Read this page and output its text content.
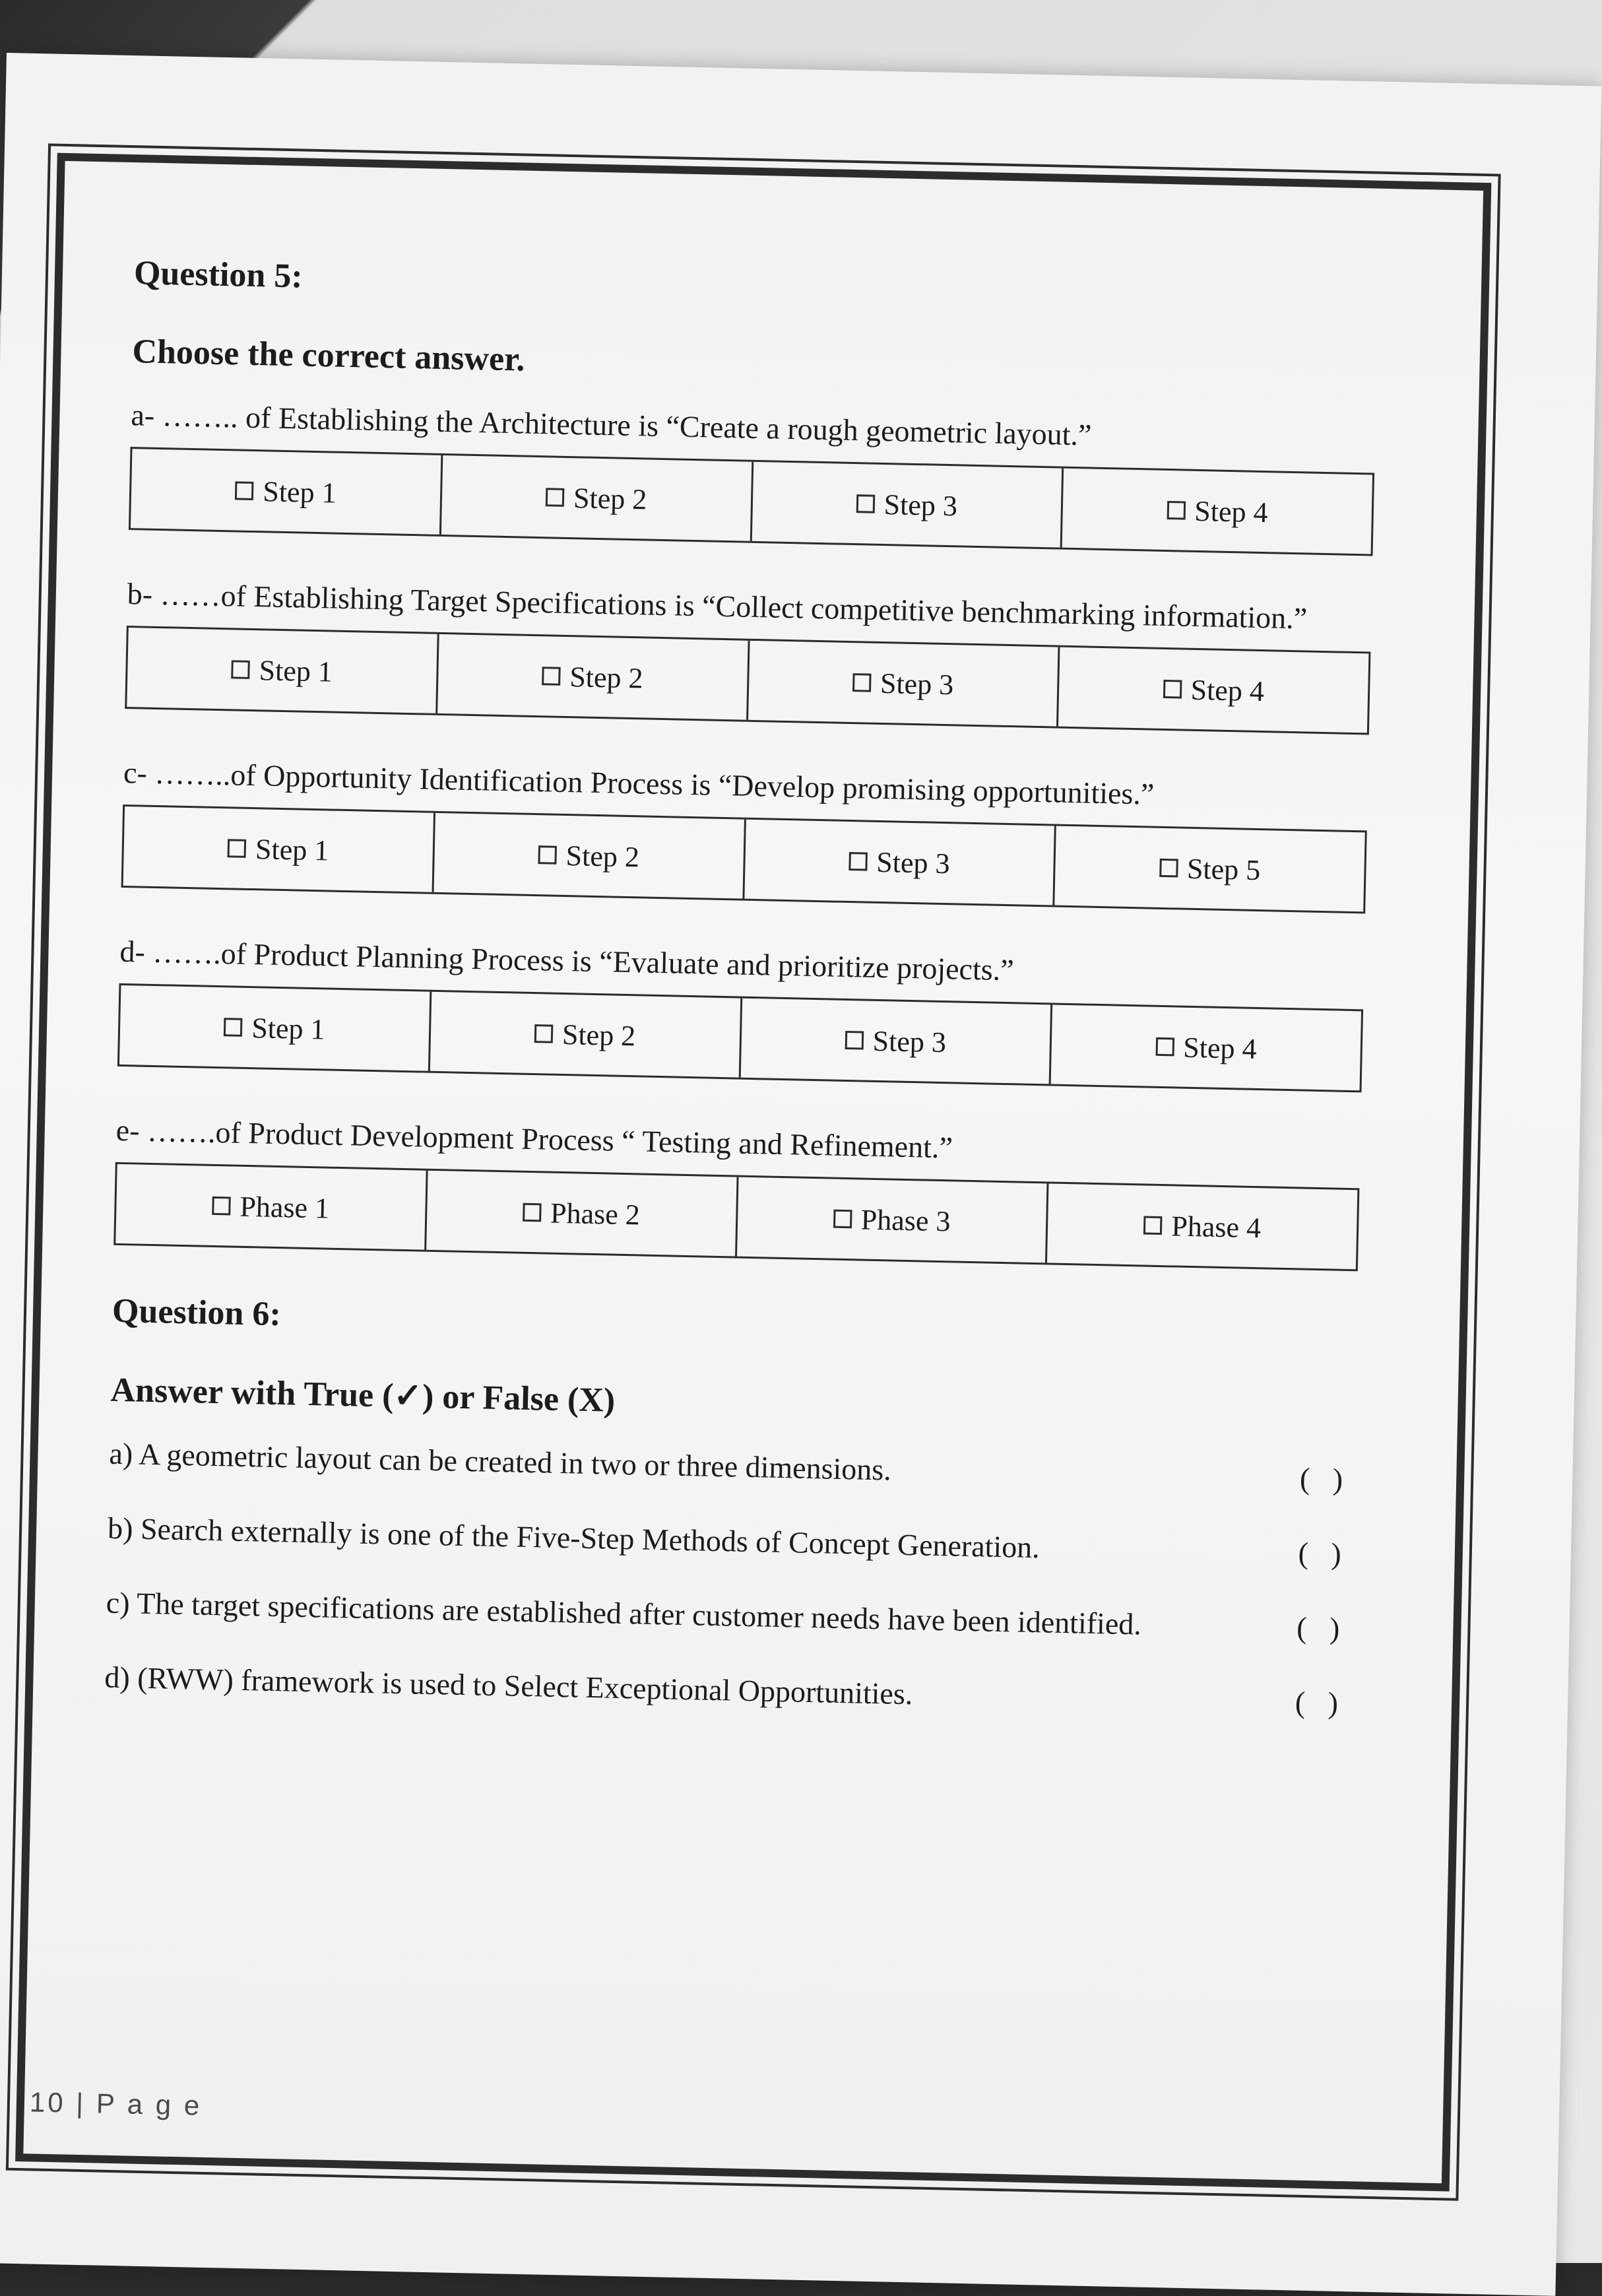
Question 5:

Choose the correct answer.

a- …….. of Establishing the Architecture is “Create a rough geometric layout.”

Step 1	Step 2	Step 3	Step 4

b- ……of Establishing Target Specifications is “Collect competitive benchmarking information.”

Step 1	Step 2	Step 3	Step 4

c- ……..of Opportunity Identification Process is “Develop promising opportunities.”

Step 1	Step 2	Step 3	Step 5

d- …….of Product Planning Process is “Evaluate and prioritize projects.”

Step 1	Step 2	Step 3	Step 4

e- …….of Product Development Process “ Testing and Refinement.”

Phase 1	Phase 2	Phase 3	Phase 4
Question 6:

Answer with True (✓) or False (X)

a) A geometric layout can be created in two or three dimensions.	(   )
b) Search externally is one of the Five-Step Methods of Concept Generation.	(   )
c) The target specifications are established after customer needs have been identified.	(   )
d) (RWW) framework is used to Select Exceptional Opportunities.	(   )
10 | P a g e
